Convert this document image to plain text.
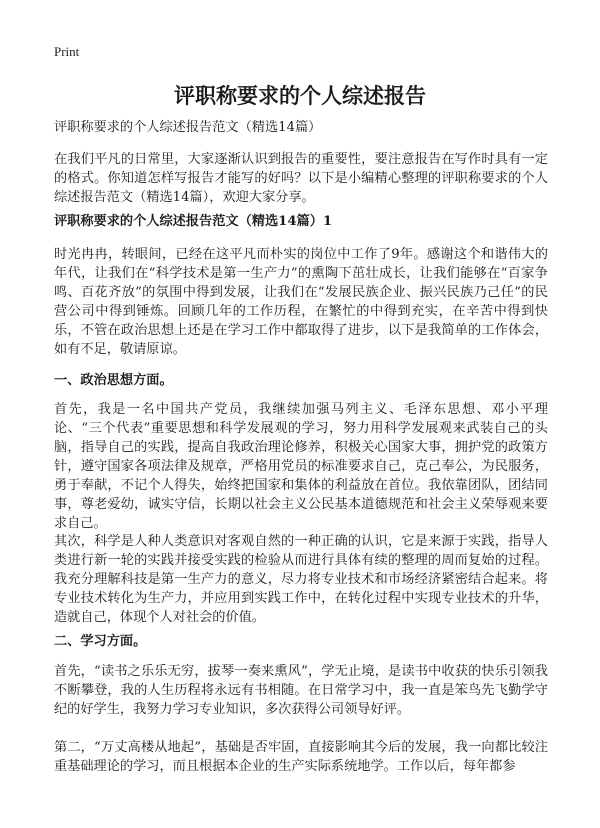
Print
评职称要求的个人综述报告
评职称要求的个人综述报告范文（精选14篇）
在我们平凡的日常里，大家逐渐认识到报告的重要性，要注意报告在写作时具有一定的格式。你知道怎样写报告才能写的好吗？以下是小编精心整理的评职称要求的个人综述报告范文（精选14篇），欢迎大家分享。
评职称要求的个人综述报告范文（精选14篇）1
时光冉冉，转眼间，已经在这平凡而朴实的岗位中工作了9年。感谢这个和谐伟大的年代，让我们在“科学技术是第一生产力”的熏陶下茁壮成长，让我们能够在“百家争鸣、百花齐放”的氛围中得到发展，让我们在“发展民族企业、振兴民族乃己任”的民营公司中得到锤炼。回顾几年的工作历程，在繁忙的中得到充实，在辛苦中得到快乐，不管在政治思想上还是在学习工作中都取得了进步，以下是我简单的工作体会，如有不足，敬请原谅。
一、政治思想方面。
首先，我是一名中国共产党员，我继续加强马列主义、毛泽东思想、邓小平理论、“三个代表”重要思想和科学发展观的学习，努力用科学发展观来武装自己的头脑，指导自己的实践，提高自我政治理论修养，积极关心国家大事，拥护党的政策方针，遵守国家各项法律及规章，严格用党员的标准要求自己，克己奉公，为民服务，勇于奉献，不记个人得失，始终把国家和集体的利益放在首位。我依靠团队，团结同事，尊老爱幼，诚实守信，长期以社会主义公民基本道德规范和社会主义荣辱观来要求自己。
其次，科学是人种人类意识对客观自然的一种正确的认识，它是来源于实践，指导人类进行新一轮的实践并接受实践的检验从而进行具体有续的整理的周而复始的过程。我充分理解科技是第一生产力的意义，尽力将专业技术和市场经济紧密结合起来。将专业技术转化为生产力，并应用到实践工作中，在转化过程中实现专业技术的升华，造就自己，体现个人对社会的价值。
二、学习方面。
首先，“读书之乐乐无穷，拔琴一奏来熏风”，学无止境，是读书中收获的快乐引领我不断攀登，我的人生历程将永远有书相随。在日常学习中，我一直是笨鸟先飞勤学守纪的好学生，我努力学习专业知识，多次获得公司领导好评。
第二，“万丈高楼从地起”，基础是否牢固，直接影响其今后的发展，我一向都比较注重基础理论的学习，而且根据本企业的生产实际系统地学。工作以后，每年都参
